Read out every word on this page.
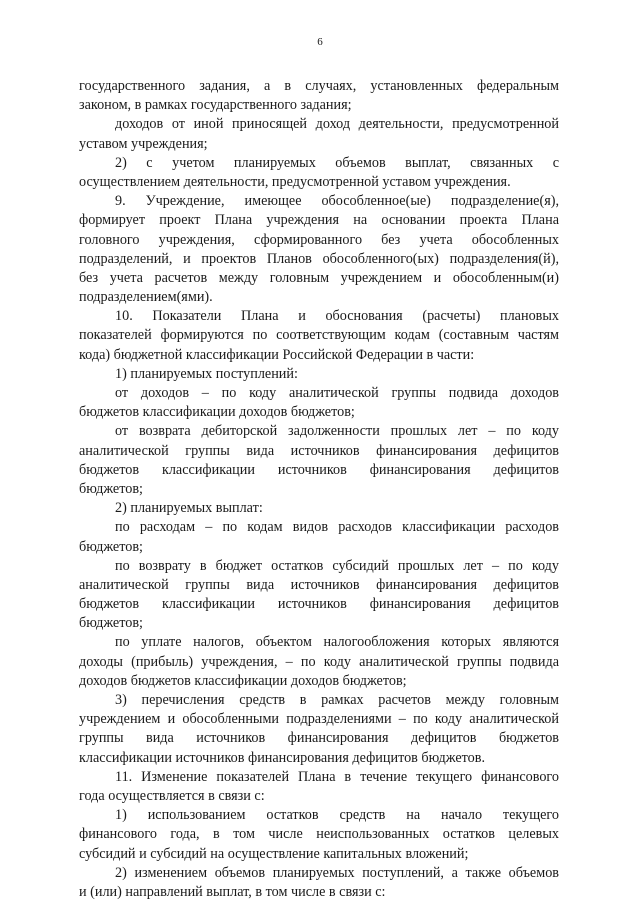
6
государственного задания, а в случаях, установленных федеральным
законом, в рамках государственного задания;
доходов от иной приносящей доход деятельности, предусмотренной
уставом учреждения;
2) с учетом планируемых объемов выплат, связанных с
осуществлением деятельности, предусмотренной уставом учреждения.
9. Учреждение, имеющее обособленное(ые) подразделение(я),
формирует проект Плана учреждения на основании проекта Плана
головного учреждения, сформированного без учета обособленных
подразделений, и проектов Планов обособленного(ых) подразделения(й),
без учета расчетов между головным учреждением и обособленным(и)
подразделением(ями).
10. Показатели Плана и обоснования (расчеты) плановых
показателей формируются по соответствующим кодам (составным частям
кода) бюджетной классификации Российской Федерации в части:
1) планируемых поступлений:
от доходов – по коду аналитической группы подвида доходов
бюджетов классификации доходов бюджетов;
от возврата дебиторской задолженности прошлых лет – по коду
аналитической группы вида источников финансирования дефицитов
бюджетов классификации источников финансирования дефицитов
бюджетов;
2) планируемых выплат:
по расходам – по кодам видов расходов классификации расходов
бюджетов;
по возврату в бюджет остатков субсидий прошлых лет – по коду
аналитической группы вида источников финансирования дефицитов
бюджетов классификации источников финансирования дефицитов
бюджетов;
по уплате налогов, объектом налогообложения которых являются
доходы (прибыль) учреждения, – по коду аналитической группы подвида
доходов бюджетов классификации доходов бюджетов;
3) перечисления средств в рамках расчетов между головным
учреждением и обособленными подразделениями – по коду аналитической
группы вида источников финансирования дефицитов бюджетов
классификации источников финансирования дефицитов бюджетов.
11. Изменение показателей Плана в течение текущего финансового
года осуществляется в связи с:
1) использованием остатков средств на начало текущего
финансового года, в том числе неиспользованных остатков целевых
субсидий и субсидий на осуществление капитальных вложений;
2) изменением объемов планируемых поступлений, а также объемов
и (или) направлений выплат, в том числе в связи с:
